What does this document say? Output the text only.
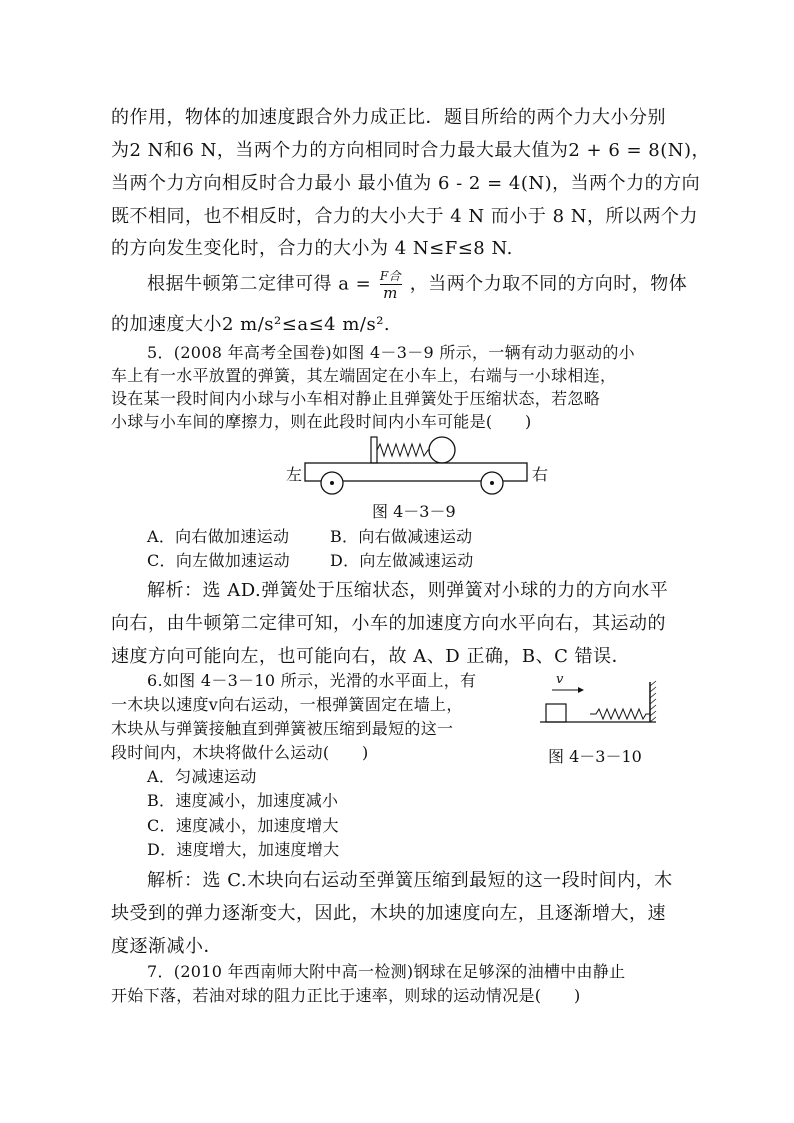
的作用，物体的加速度跟合外力成正比．题目所给的两个力大小分别
为2 N和6 N，当两个力的方向相同时合力最大最大值为2 + 6 = 8(N)，
当两个力方向相反时合力最小 最小值为 6 - 2 = 4(N)，当两个力的方向
既不相同，也不相反时，合力的大小大于 4 N 而小于 8 N，所以两个力
的方向发生变化时，合力的大小为 4 N≤F≤8 N.
根据牛顿第二定律可得 $a = \frac{\text{F合}}{m}$ ，当两个力取不同的方向时，物体
的加速度大小2 m/s²≤a≤4 m/s².
5．(2008 年高考全国卷)如图 4－3－9 所示，一辆有动力驱动的小
车上有一水平放置的弹簧，其左端固定在小车上，右端与一小球相连，
设在某一段时间内小球与小车相对静止且弹簧处于压缩状态，若忽略
小球与小车间的摩擦力，则在此段时间内小车可能是(　　)
左	右
图 4－3－9
A．向右做加速运动	B．向右做减速运动
C．向左做加速运动	D．向左做减速运动
解析：选 AD.弹簧处于压缩状态，则弹簧对小球的力的方向水平
向右，由牛顿第二定律可知，小车的加速度方向水平向右，其运动的
速度方向可能向左，也可能向右，故 A、D 正确，B、C 错误．
6.如图 4－3－10 所示，光滑的水平面上，有
一木块以速度v向右运动，一根弹簧固定在墙上，
木块从与弹簧接触直到弹簧被压缩到最短的这一
段时间内，木块将做什么运动(　　)
v
图 4－3－10
A．匀减速运动
B．速度减小，加速度减小
C．速度减小，加速度增大
D．速度增大，加速度增大
解析：选 C.木块向右运动至弹簧压缩到最短的这一段时间内，木
块受到的弹力逐渐变大，因此，木块的加速度向左，且逐渐增大，速
度逐渐减小．
7．(2010 年西南师大附中高一检测)钢球在足够深的油槽中由静止
开始下落，若油对球的阻力正比于速率，则球的运动情况是(　　)
